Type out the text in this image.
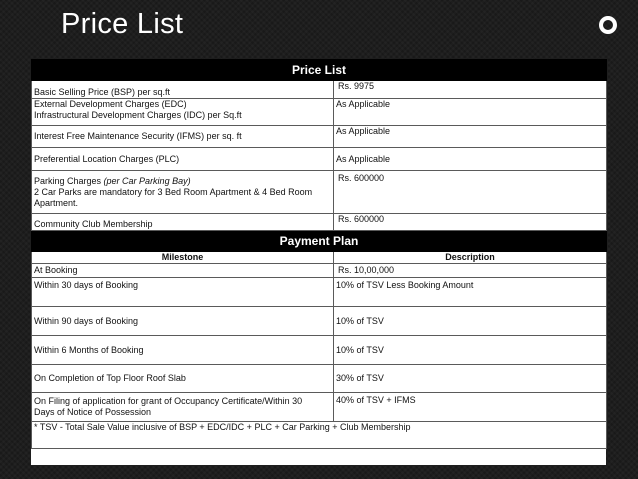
Price List
Price List	
Basic Selling Price (BSP) per sq.ft	Rs. 9975

External Development Charges (EDC)
Infrastructural Development Charges (IDC) per Sq.ft	As Applicable
Interest Free Maintenance Security (IFMS) per sq. ft	As Applicable
Preferential Location Charges (PLC)	As Applicable

Parking Charges (per Car Parking Bay)
2 Car Parks are mandatory for 3 Bed Room Apartment & 4 Bed Room
Apartment.	Rs. 600000
Community Club Membership	Rs. 600000
Payment Plan	
Milestone	Description
At Booking	Rs. 10,00,000
Within 30 days of Booking	10% of TSV Less Booking Amount
Within 90 days of Booking	10% of TSV
Within 6 Months of Booking	10% of TSV
On Completion of Top Floor Roof Slab	30% of TSV

On Filing of application for grant of Occupancy Certificate/Within 30
Days of Notice of Possession	40% of TSV + IFMS
* TSV - Total Sale Value inclusive of BSP + EDC/IDC + PLC + Car Parking + Club Membership	
